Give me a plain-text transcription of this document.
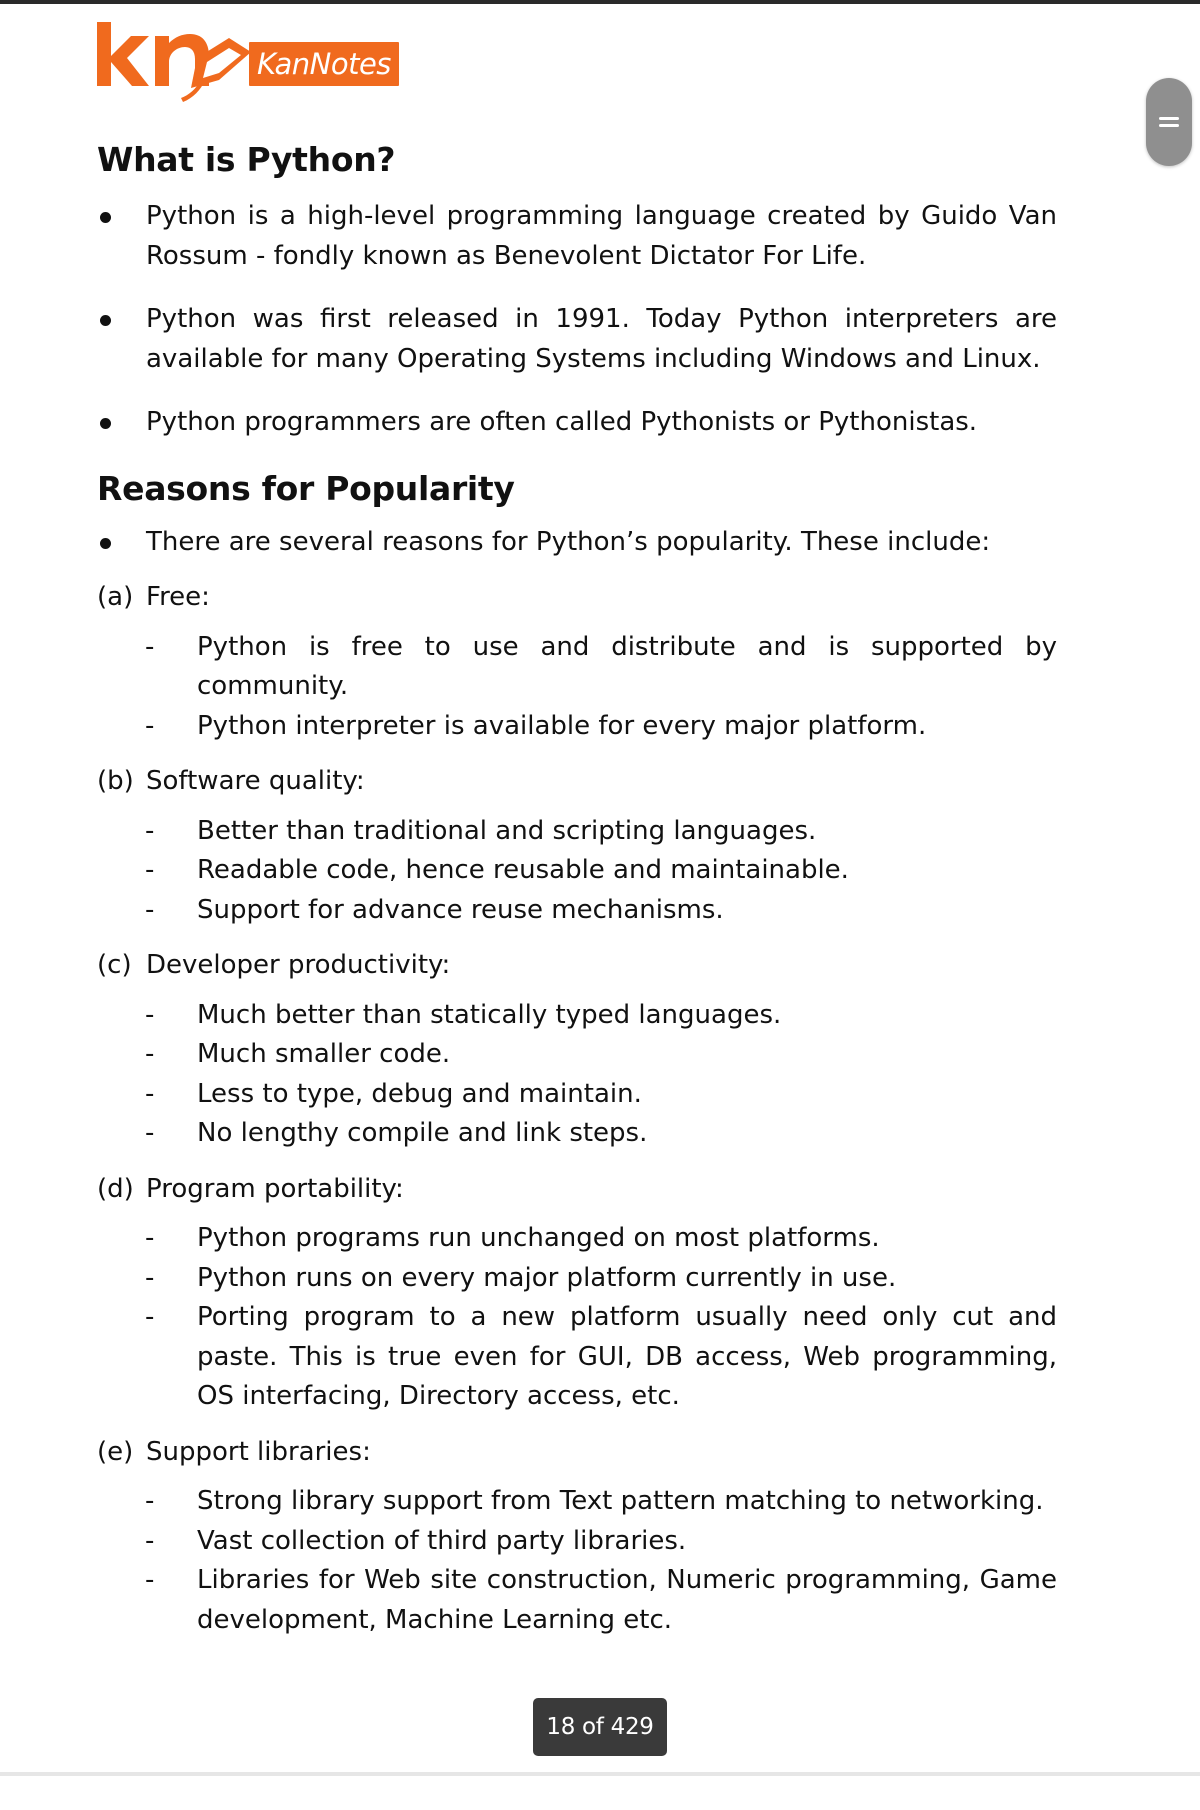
KanNotes
What is Python?
Python is a high-level programming language created by Guido Van Rossum - fondly known as Benevolent Dictator For Life.
Python was first released in 1991. Today Python interpreters are available for many Operating Systems including Windows and Linux.
Python programmers are often called Pythonists or Pythonistas.
Reasons for Popularity
There are several reasons for Python’s popularity. These include:
(a) Free:
- Python is free to use and distribute and is supported by community.
- Python interpreter is available for every major platform.
(b) Software quality:
- Better than traditional and scripting languages.
- Readable code, hence reusable and maintainable.
- Support for advance reuse mechanisms.
(c) Developer productivity:
- Much better than statically typed languages.
- Much smaller code.
- Less to type, debug and maintain.
- No lengthy compile and link steps.
(d) Program portability:
- Python programs run unchanged on most platforms.
- Python runs on every major platform currently in use.
- Porting program to a new platform usually need only cut and paste. This is true even for GUI, DB access, Web programming, OS interfacing, Directory access, etc.
(e) Support libraries:
- Strong library support from Text pattern matching to networking.
- Vast collection of third party libraries.
- Libraries for Web site construction, Numeric programming, Game development, Machine Learning etc.
18 of 429
